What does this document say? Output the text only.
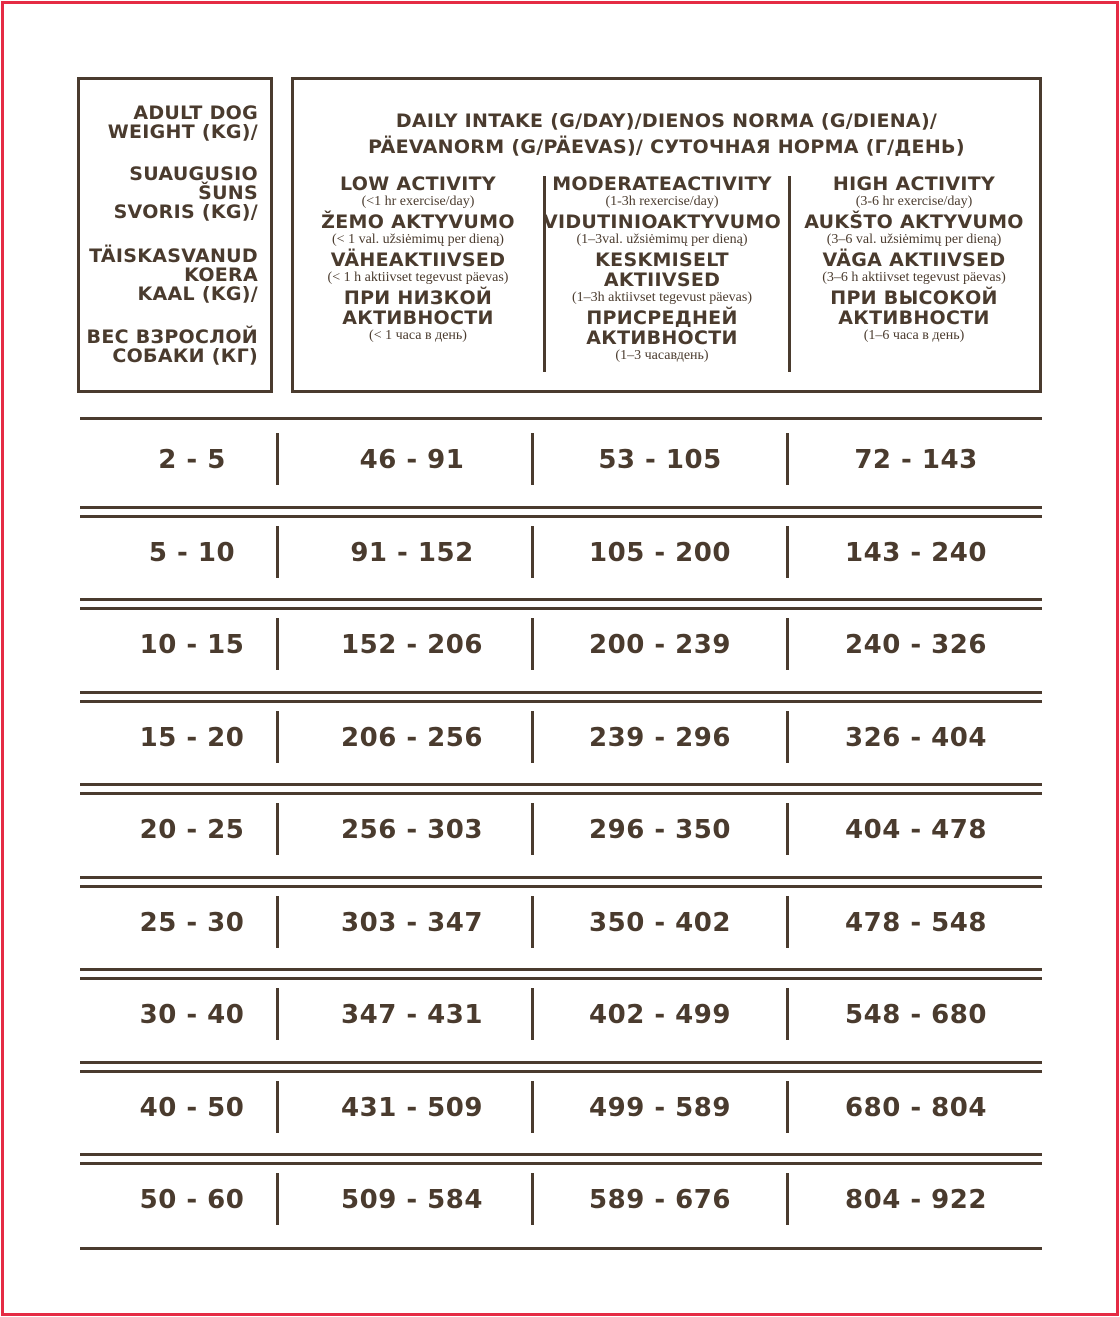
ADULT DOG
WEIGHT (KG)/

SUAUGUSIO
ŠUNS
SVORIS (KG)/

TÄISKASVANUD
KOERA
KAAL (KG)/

ВЕС ВЗРОСЛОЙ
СОБАКИ (КГ)

DAILY INTAKE (G/DAY)/DIENOS NORMA (G/DIENA)/
PÄEVANORM (G/PÄEVAS)/ СУТОЧНАЯ НОРМА (Г/ДЕНЬ)

LOW ACTIVITY

(<1 hr exercise/day)

ŽEMO AKTYVUMO

(< 1 val. užsiėmimų per dieną)

VÄHEAKTIIVSED

(< 1 h aktiivset tegevust päevas)

ПРИ НИЗКОЙ

АКТИВНОСТИ

(< 1 часа в день)

MODERATEACTIVITY

(1-3h rexercise/day)

VIDUTINIOAKTYVUMO

(1–3val. užsiėmimų per dieną)

KESKMISELT

AKTIIVSED

(1–3h aktiivset tegevust päevas)

ПРИСРЕДНЕЙ

АКТИВНОСТИ

(1–3 часавдень)

HIGH ACTIVITY

(3-6 hr exercise/day)

AUKŠTO AKTYVUMO

(3–6 val. užsiėmimų per dieną)

VÄGA AKTIIVSED

(3–6 h aktiivset tegevust päevas)

ПРИ ВЫСОКОЙ

АКТИВНОСТИ

(1–6 часа в день)

2 - 5	46 - 91	53 - 105	72 - 143
5 - 10	91 - 152	105 - 200	143 - 240
10 - 15	152 - 206	200 - 239	240 - 326
15 - 20	206 - 256	239 - 296	326 - 404
20 - 25	256 - 303	296 - 350	404 - 478
25 - 30	303 - 347	350 - 402	478 - 548
30 - 40	347 - 431	402 - 499	548 - 680
40 - 50	431 - 509	499 - 589	680 - 804
50 - 60	509 - 584	589 - 676	804 - 922
